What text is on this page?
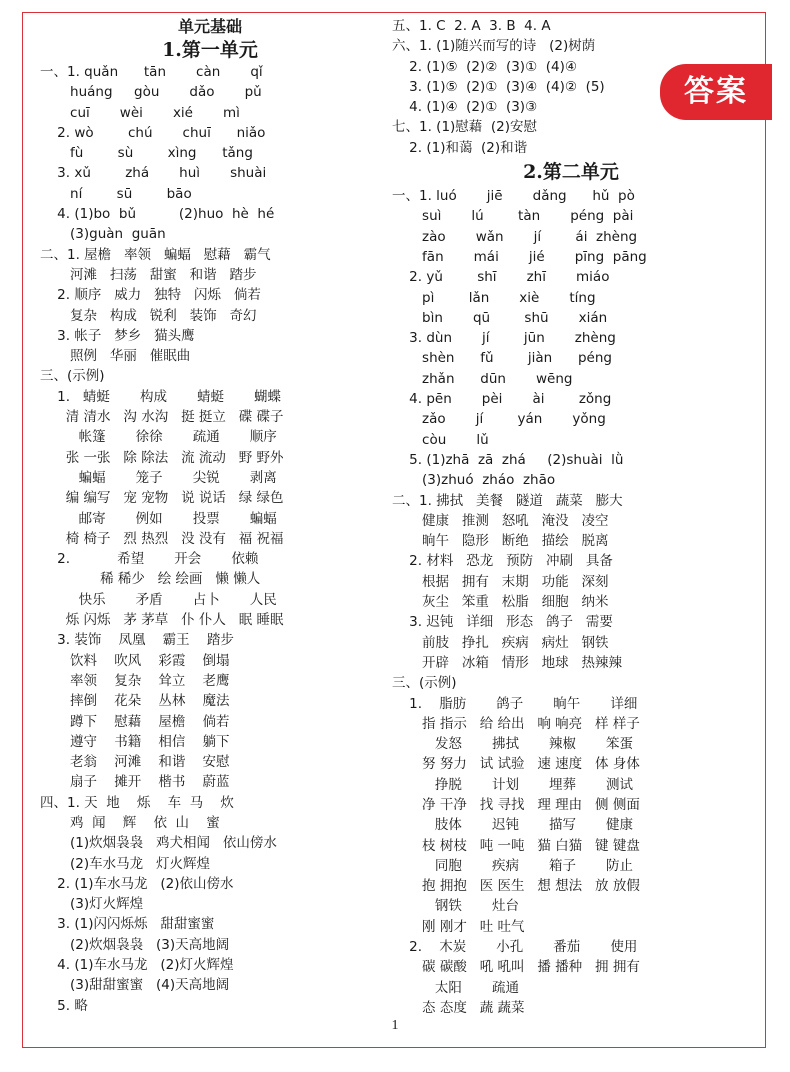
答案
单元基础
1.第一单元
一、1. quǎn      tān       càn       qǐ
huáng     gòu       dǎo       pǔ
cuī       wèi       xié       mì
2. wò        chú       chuī      niǎo
fù        sù        xìng      tǎng
3. xǔ        zhá       huì       shuài
ní        sū        bāo
4. (1)bo  bǔ          (2)huo  hè  hé
(3)guàn  guān
二、1. 屋檐   率领   蝙蝠   慰藉   霸气
河滩   扫荡   甜蜜   和谐   踏步
2. 顺序   威力   独特   闪烁   倘若
复杂   构成   锐利   装饰   奇幻
3. 帐子   梦乡   猫头鹰
照例   华丽   催眠曲
三、(示例)
1.   蜻蜓       构成       蜻蜓       蝴蝶
清 清水   沟 水沟   挺 挺立   碟 碟子
帐篷       徐徐       疏通       顺序
张 一张   除 除法   流 流动   野 野外
蝙蝠       笼子       尖锐       剥离
编 编写   宠 宠物   说 说话   绿 绿色
邮寄       例如       投票       蝙蝠
椅 椅子   烈 热烈   没 没有   福 祝福
2.           希望       开会       依赖
稀 稀少   绘 绘画   懒 懒人
快乐       矛盾       占卜       人民
烁 闪烁   茅 茅草   仆 仆人   眠 睡眠
3. 装饰    凤凰    霸王    踏步
饮料    吹风    彩霞    倒塌
率领    复杂    耸立    老鹰
摔倒    花朵    丛林    魔法
蹲下    慰藉    屋檐    倘若
遵守    书籍    相信    躺下
老翁    河滩    和谐    安慰
扇子    摊开    楷书    蔚蓝
四、1. 天  地    烁    车  马    炊
鸡  闻    辉    依  山    蜜
(1)炊烟袅袅   鸡犬相闻   依山傍水
(2)车水马龙   灯火辉煌
2. (1)车水马龙   (2)依山傍水
(3)灯火辉煌
3. (1)闪闪烁烁   甜甜蜜蜜
(2)炊烟袅袅   (3)天高地阔
4. (1)车水马龙   (2)灯火辉煌
(3)甜甜蜜蜜   (4)天高地阔
5. 略
五、1. C  2. A  3. B  4. A
六、1. (1)随兴而写的诗   (2)树荫
2. (1)⑤  (2)②  (3)①  (4)④
3. (1)⑤  (2)①  (3)④  (4)②  (5)
4. (1)④  (2)①  (3)③
七、1. (1)慰藉  (2)安慰
2. (1)和蔼  (2)和谐
2.第二单元
一、1. luó       jiē       dǎng      hǔ  pò
suì       lú        tàn       péng  pài
zào       wǎn       jí        ái  zhèng
fān       mái       jié       pīng  pāng
2. yǔ        shī       zhī       miáo
pì        lǎn       xiè       tíng
bìn       qū        shū       xián
3. dùn       jí        jūn       zhèng
shèn      fǔ        jiàn      péng
zhǎn      dūn       wēng
4. pēn       pèi       ài        zǒng
zǎo       jí        yán       yǒng
còu       lǔ
5. (1)zhā  zā  zhá     (2)shuài  lǜ
(3)zhuó  zháo  zhāo
二、1. 拂拭   美餐   隧道   蔬菜   膨大
健康   推测   怒吼   淹没   凌空
晌午   隐形   断绝   描绘   脱离
2. 材料   恐龙   预防   冲刷   具备
根据   拥有   末期   功能   深刻
灰尘   笨重   松脂   细胞   纳米
3. 迟钝   详细   形态   鸽子   需要
前肢   挣扎   疾病   病灶   钢铁
开辟   冰箱   情形   地球   热辣辣
三、(示例)
1.    脂肪       鸽子       晌午       详细
指 指示   给 给出   响 响亮   样 样子
发怒       拂拭       辣椒       笨蛋
努 努力   试 试验   速 速度   体 身体
挣脱       计划       埋葬       测试
净 干净   找 寻找   理 理由   侧 侧面
肢体       迟钝       描写       健康
枝 树枝   吨 一吨   猫 白猫   键 键盘
同胞       疾病       箱子       防止
抱 拥抱   医 医生   想 想法   放 放假
钢铁       灶台
刚 刚才   吐 吐气
2.    木炭       小孔       番茄       使用
碳 碳酸   吼 吼叫   播 播种   拥 拥有
太阳       疏通
态 态度   蔬 蔬菜
1
